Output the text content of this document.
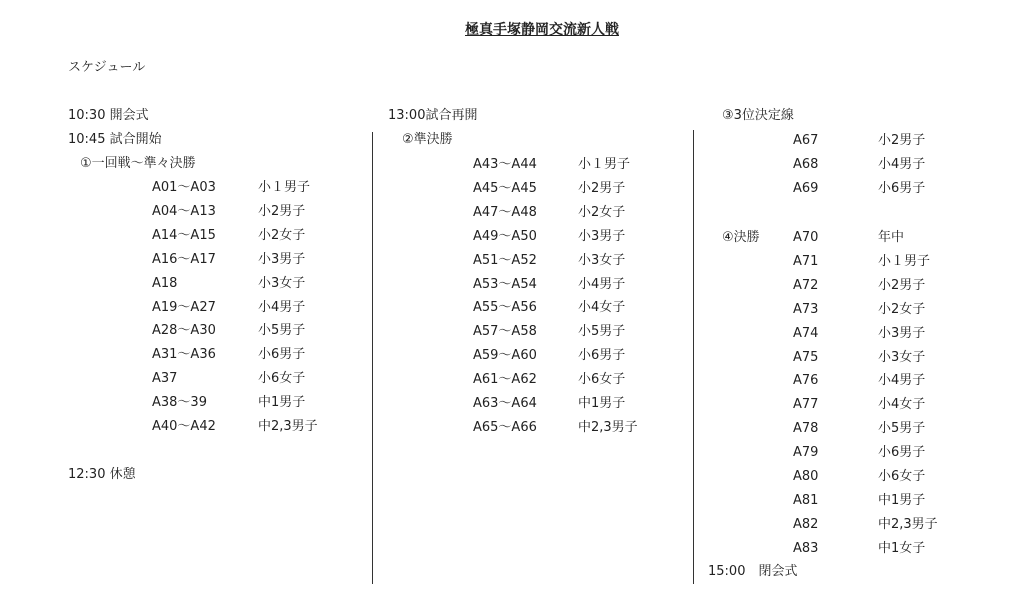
極真手塚静岡交流新人戦
スケジュール
10:30 開会式
10:45 試合開始
①一回戦～準々決勝
A01～A03	小１男子
A04～A13	小2男子
A14～A15	小2女子
A16～A17	小3男子
A18	小3女子
A19～A27	小4男子
A28～A30	小5男子
A31～A36	小6男子
A37	小6女子
A38～39	中1男子
A40～A42	中2,3男子
12:30 休憩
13:00試合再開
②準決勝
A43～A44	小１男子
A45～A45	小2男子
A47～A48	小2女子
A49～A50	小3男子
A51～A52	小3女子
A53～A54	小4男子
A55～A56	小4女子
A57～A58	小5男子
A59～A60	小6男子
A61～A62	小6女子
A63～A64	中1男子
A65～A66	中2,3男子
③3位決定線
A67	小2男子
A68	小4男子
A69	小6男子
④決勝	A70	年中
A71	小１男子
A72	小2男子
A73	小2女子
A74	小3男子
A75	小3女子
A76	小4男子
A77	小4女子
A78	小5男子
A79	小6男子
A80	小6女子
A81	中1男子
A82	中2,3男子
A83	中1女子
15:00　閉会式
